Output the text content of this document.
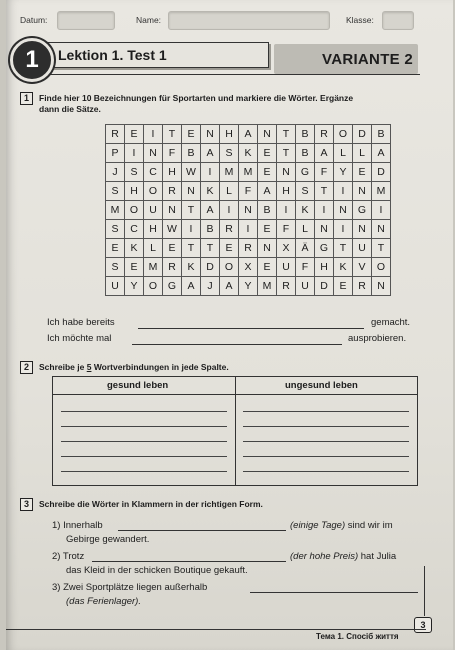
Datum:	Name:	Klasse:
1	Lektion 1. Test 1	VARIANTE 2
1	Finde hier 10 Bezeichnungen für Sportarten und markiere die Wörter. Ergänze
dann die Sätze.
R	E	I	T	E	N	H	A	N	T	B	R	O	D	B
P	I	N	F	B	A	S	K	E	T	B	A	L	L	A
J	S	C	H	W	I	M	M	E	N	G	F	Y	E	D
S	H	O	R	N	K	L	F	A	H	S	T	I	N	M
M	O	U	N	T	A	I	N	B	I	K	I	N	G	I
S	C	H	W	I	B	R	I	E	F	L	N	I	N	N
E	K	L	E	T	T	E	R	N	X	Ä	G	T	U	T
S	E	M	R	K	D	O	X	E	U	F	H	K	V	O
U	Y	O	G	A	J	A	Y	M	R	U	D	E	R	N
Ich habe bereits	gemacht.
Ich möchte mal	ausprobieren.
2	Schreibe je 5 Wortverbindungen in jede Spalte.
gesund leben	ungesund leben
3	Schreibe die Wörter in Klammern in der richtigen Form.
1) Innerhalb	(einige Tage) sind wir im
Gebirge gewandert.
2) Trotz	(der hohe Preis) hat Julia
das Kleid in der schicken Boutique gekauft.
3) Zwei Sportplätze liegen außerhalb
(das Ferienlager).
3
Тема 1. Спосіб життя
